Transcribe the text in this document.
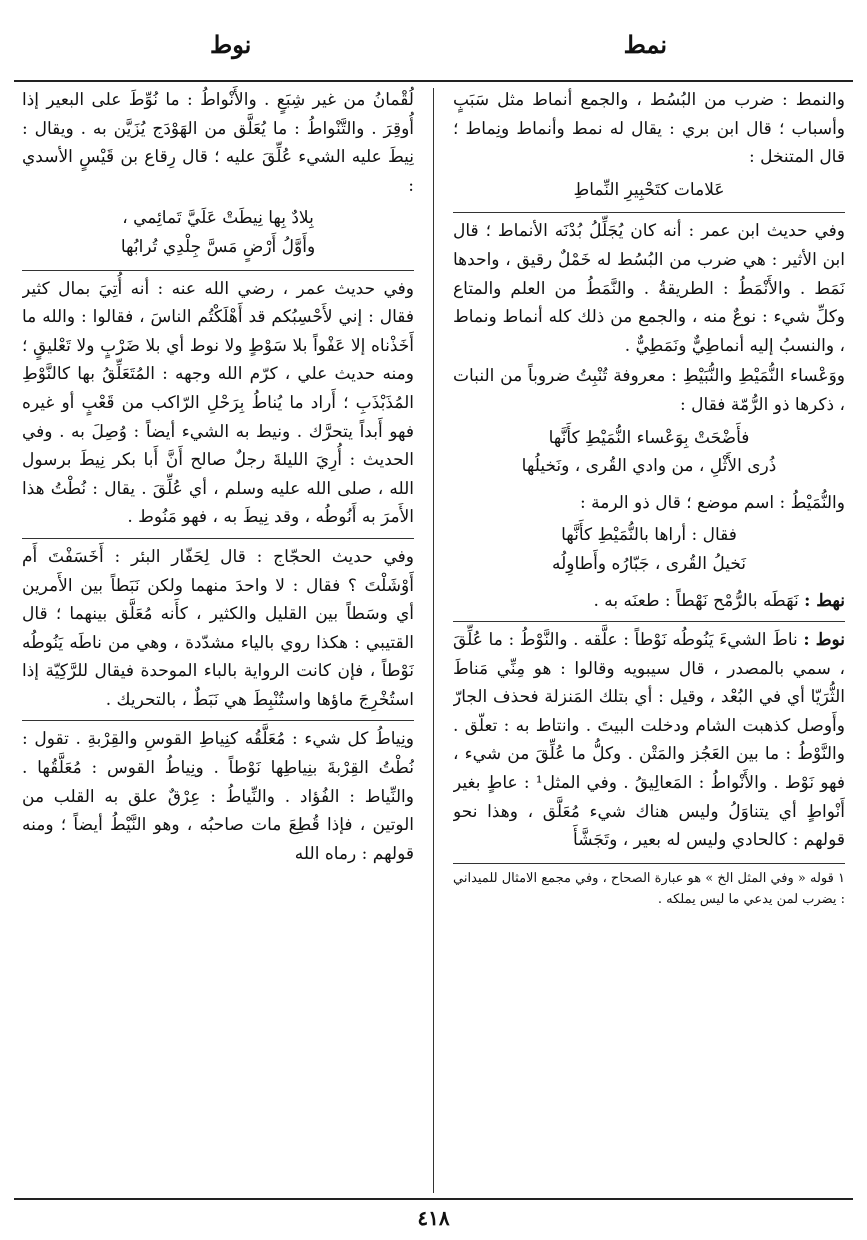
نمط
نوط

والنمط : ضرب من البُسُط ، والجمع أنماط مثل سَبَبٍ وأسباب ؛ قال ابن بري : يقال له نمط وأنماط ونِماط ؛ قال المتنخل :

عَلامات كتَحْبِيرِ النِّماطِ

وفي حديث ابن عمر : أنه كان يُجَلِّلُ بُدْنَه الأنماط ؛ قال ابن الأثير : هي ضرب من البُسُط له خَمْلٌ رقيق ، واحدها نَمَط . والأَنْمَطُ : الطريقةُ . والنَّمَطُ من العلم والمتاع وكلِّ شيء : نوعٌ منه ، والجمع من ذلك كله أنماط ونماط ، والنسبُ إليه أنماطِيٌّ ونَمَطِيٌّ .

ووَعْساء النُّمَيْطِ والنُّبَيْطِ : معروفة تُنْبِتُ ضروباً من النبات ، ذكرها ذو الرُّمّة فقال :

فأَضْحَتْ بِوَعْساء النُّمَيْطِ كأَنَّها
ذُرى الأَثْلِ ، من وادي القُرى ، ونَخيلُها

والنُّمَيْطُ : اسم موضع ؛ قال ذو الرمة :

فقال : أراها بالنُّمَيْطِ كأَنَّها
نَخيلُ القُرى ، جَبّارُه وأَطاوِلُه

نهط : نَهَطَه بالرُّمْح نَهْطاً : طعنَه به .

نوط : ناطَ الشيءَ يَنُوطُه نَوْطاً : علَّقه . والنَّوْطُ : ما عُلِّقَ ، سمي بالمصدر ، قال سيبويه وقالوا : هو مِنِّي مَناطَ الثُّرَيّا أي في البُعْد ، وقيل : أي بتلك المَنزلة فحذف الجارّ وأَوصل كذهبت الشام ودخلت البيتَ . وانتاط به : تعلّق . والنَّوْطُ : ما بين العَجُز والمَتْن . وكلُّ ما عُلِّقَ من شيء ، فهو نَوْط . والأَنْواطُ : المَعالِيقُ . وفي المثل¹ : عاطٍ بغير أَنْواطٍ أي يتناوَلُ وليس هناك شيء مُعَلَّق ، وهذا نحو قولهم : كالحادي وليس له بعير ، وتَجَشَّأَ

١ قوله « وفي المثل الخ » هو عبارة الصحاح ، وفي مجمع الامثال للميداني : يضرب لمن يدعي ما ليس يملكه .

لُقْمانُ من غير شِبَعٍ . والأَنْواطُ : ما نُوِّطَ على البعير إذا أُوقِرَ . والتَّنْواطُ : ما يُعَلَّق من الهَوْدَج يُزَيَّن به . ويقال : نِيطَ عليه الشيء عُلِّقَ عليه ؛ قال رِقاع بن قَيْسٍ الأسدي :

بِلادٌ بِها نِيطَتْ عَلَيَّ تَمائِمي ،
وأَوَّلُ أَرْضٍ مَسَّ جِلْدِي تُرابُها

وفي حديث عمر ، رضي الله عنه : أنه أُتِيَ بمال كثير فقال : إني لأَحْسِبُكم قد أَهْلَكْتُم الناسَ ، فقالوا : والله ما أَخَذْناه إلا عَفْواً بلا سَوْطٍ ولا نوط أي بلا ضَرْبٍ ولا تَعْليقٍ ؛ ومنه حديث علي ، كرّم الله وجهه : المُتَعَلِّقُ بها كالنَّوْطِ المُذَبْذَبِ ؛ أَراد ما يُناطُ بِرَحْلِ الرّاكب من قَعْبٍ أو غيره فهو أَبداً يتحرَّك . ونيط به الشيء أيضاً : وُصِلَ به . وفي الحديث : أُرِيَ الليلةَ رجلٌ صالح أَنَّ أَبا بكر نِيطَ برسول الله ، صلى الله عليه وسلم ، أي عُلِّقَ . يقال : نُطْتُ هذا الأَمرَ به أَنُوطُه ، وقد نِيطَ به ، فهو مَنُوط .

وفي حديث الحجّاج : قال لِحَفّار البئر : أَخَسَفْتَ أَم أَوْشَلْتَ ؟ فقال : لا واحدَ منهما ولكن نَبَطاً بين الأَمرين أي وسَطاً بين القليل والكثير ، كأَنه مُعَلَّق بينهما ؛ قال القتيبي : هكذا روي بالياء مشدّدة ، وهي من ناطَه يَنُوطُه نَوْطاً ، فإن كانت الرواية بالباء الموحدة فيقال للرَّكِيّة إذا استُخْرِجَ ماؤها واستُنْبِطَ هي نَبَطٌ ، بالتحريك .

ونِياطُ كل شيء : مُعَلَّقُه كنِياطِ القوسِ والقِرْبةِ . تقول : نُطْتُ القِرْبةَ بنِياطِها نَوْطاً . ونِياطُ القوس : مُعَلَّقُها . والنِّياط : الفُؤاد . والنِّياطُ : عِرْقٌ علق به القلب من الوتين ، فإذا قُطِعَ مات صاحبُه ، وهو النَّيْطُ أيضاً ؛ ومنه قولهم : رماه الله

٤١٨
